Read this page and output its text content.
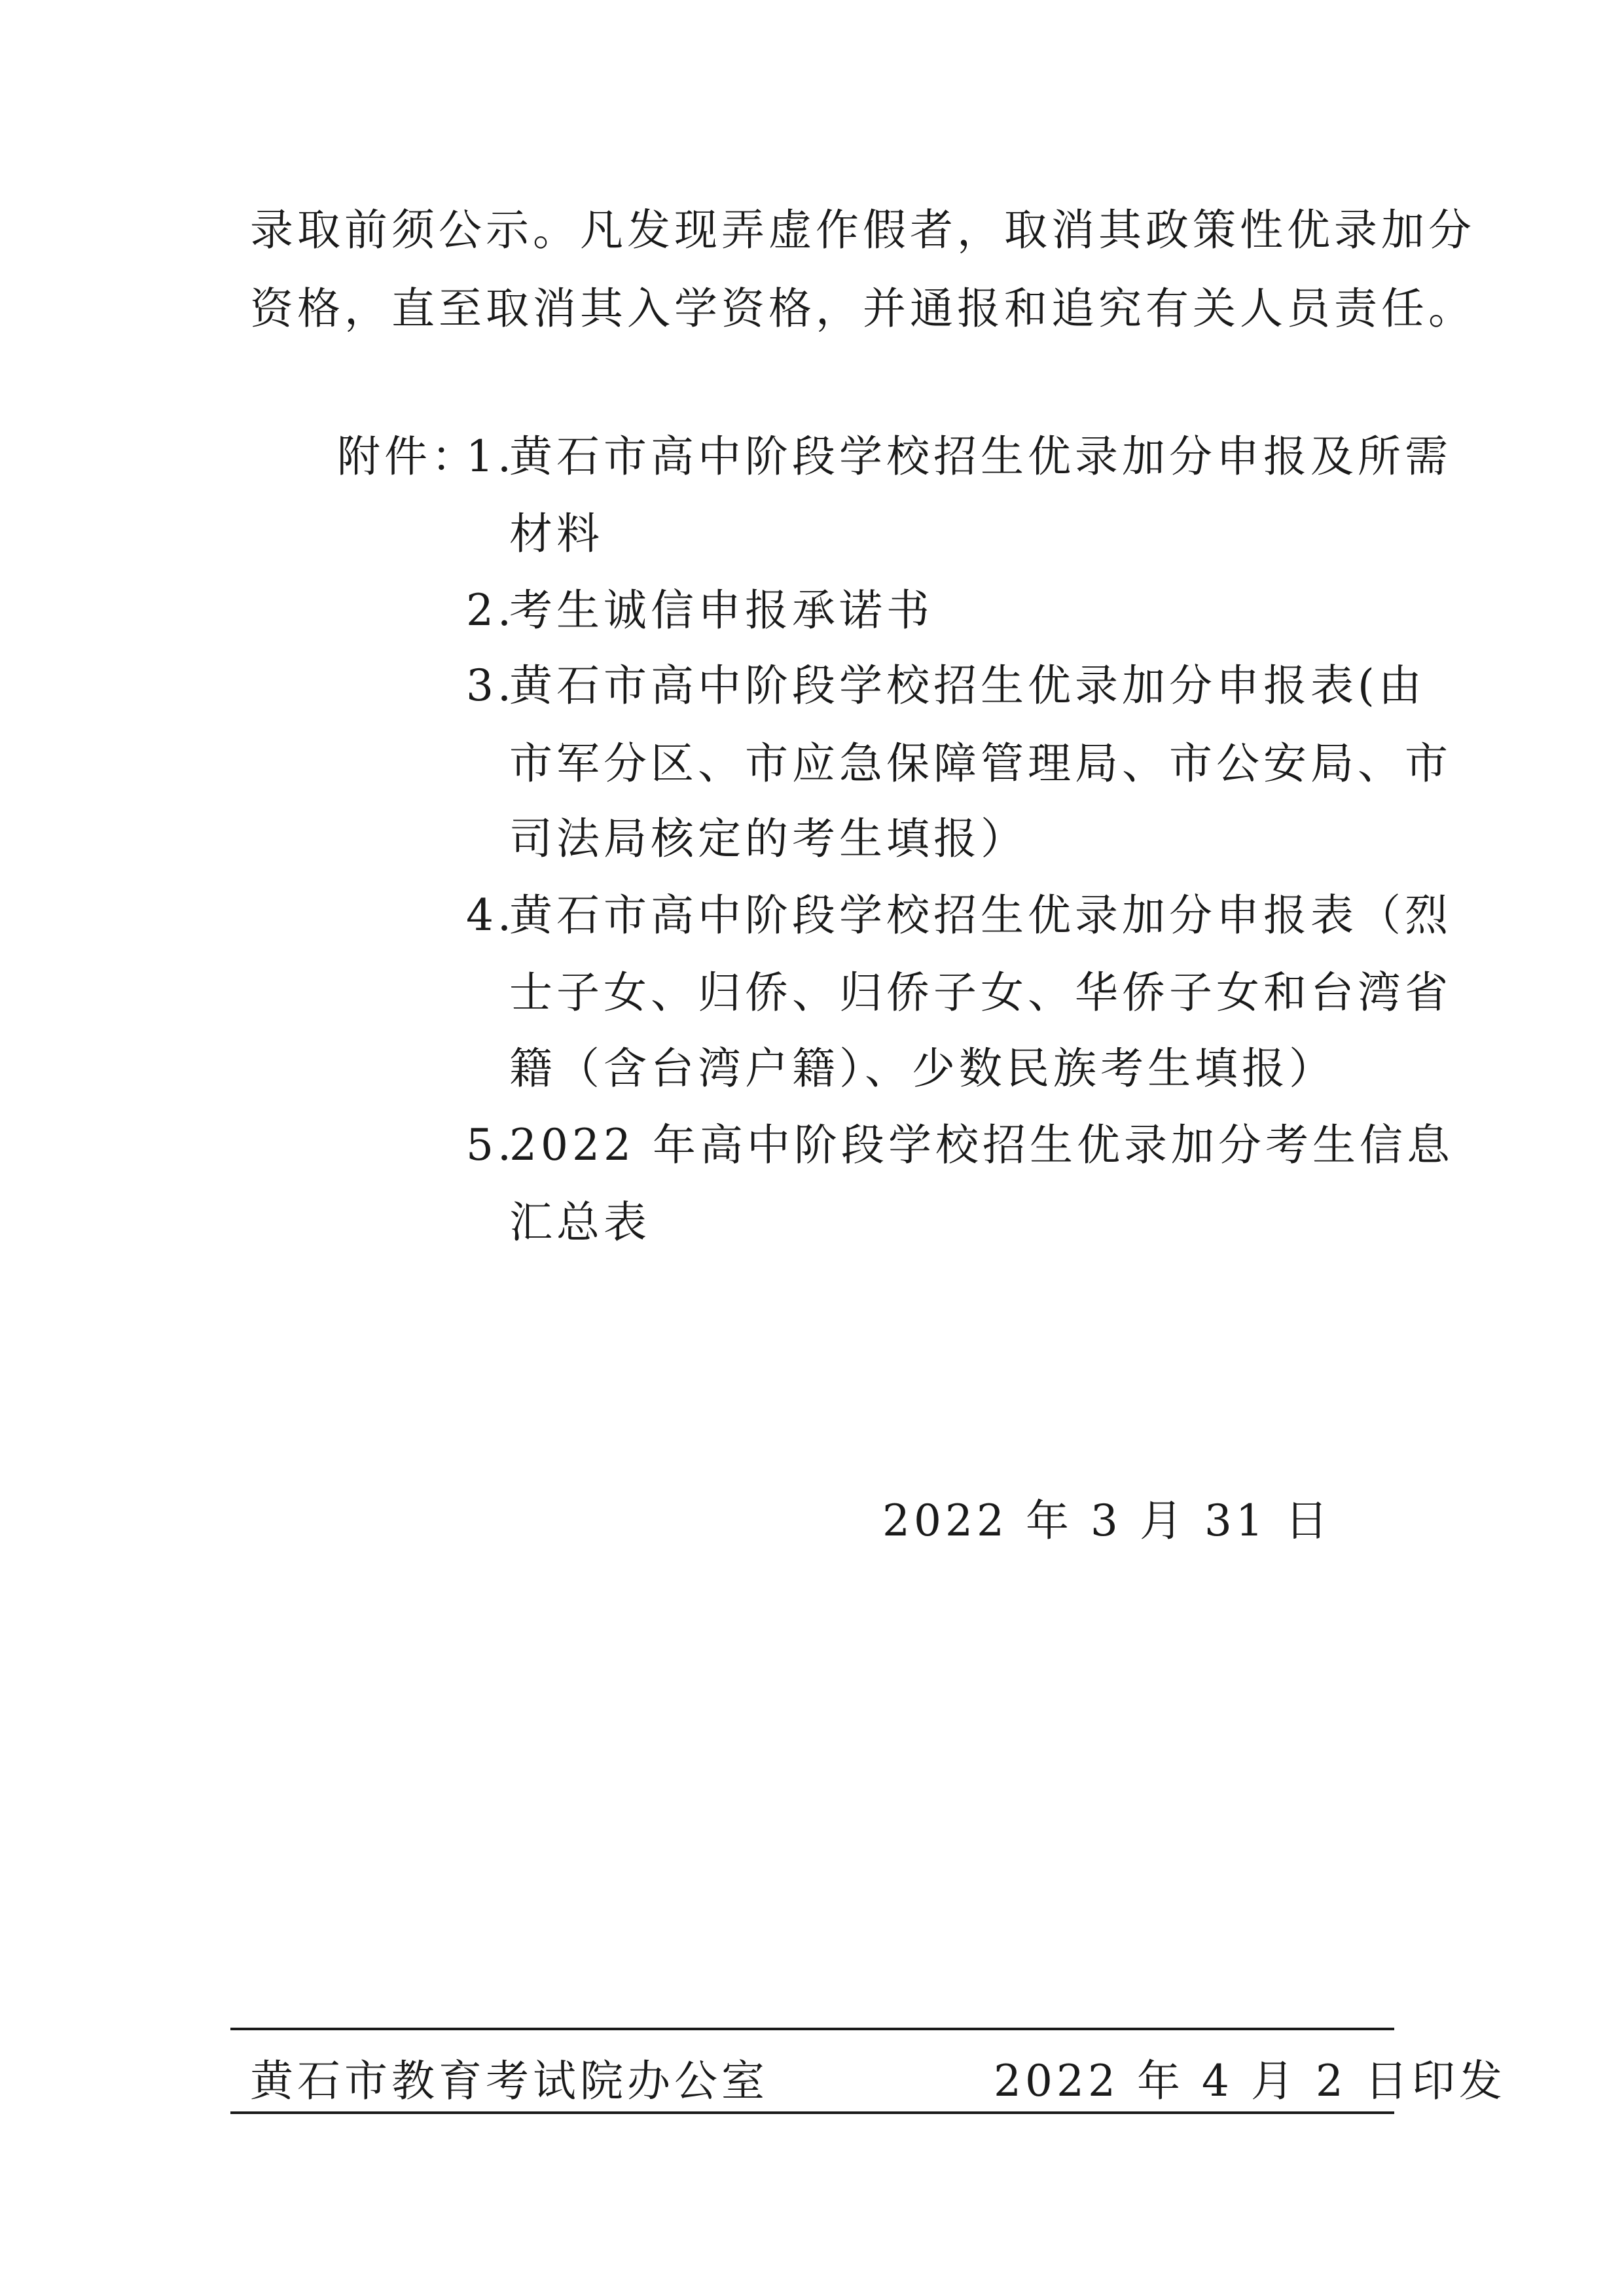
录取前须公示。凡发现弄虚作假者，取消其政策性优录加分
资格，直至取消其入学资格，并通报和追究有关人员责任。
附件：
1.
黄石市高中阶段学校招生优录加分申报及所需
材料
2.
考生诚信申报承诺书
3.
黄石市高中阶段学校招生优录加分申报表(由
市军分区、市应急保障管理局、市公安局、市
司法局核定的考生填报）
4.
黄石市高中阶段学校招生优录加分申报表（烈
士子女、归侨、归侨子女、华侨子女和台湾省
籍（含台湾户籍）、少数民族考生填报）
5.
2022 年高中阶段学校招生优录加分考生信息
汇总表
2022 年 3 月 31 日
黄石市教育考试院办公室	2022 年 4 月 2 日印发
